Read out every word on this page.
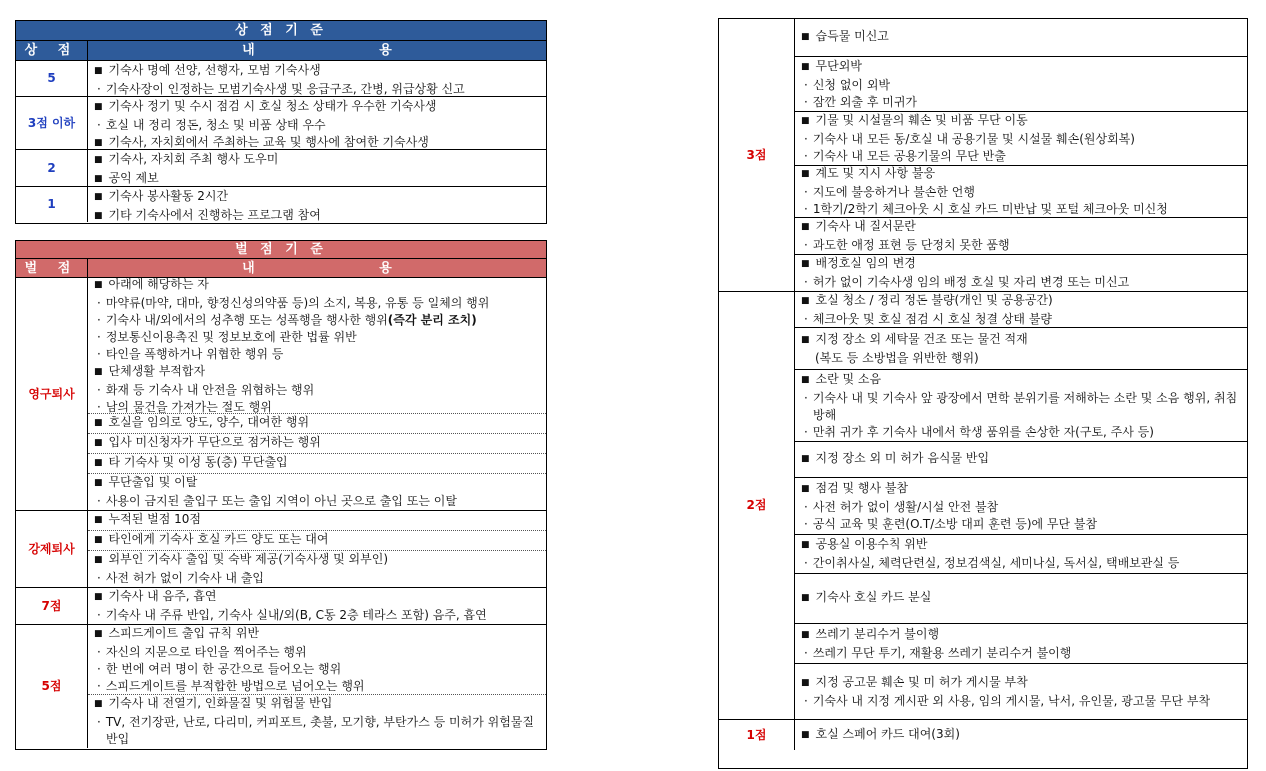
상 점 기 준
상 점	내 용
5
■ 기숙사 명예 선양, 선행자, 모범 기숙사생
· 기숙사장이 인정하는 모범기숙사생 및 응급구조, 간병, 위급상황 신고
3점 이하
■ 기숙사 정기 및 수시 점검 시 호실 청소 상태가 우수한 기숙사생
· 호실 내 정리 정돈, 청소 및 비품 상태 우수
■ 기숙사, 자치회에서 주최하는 교육 및 행사에 참여한 기숙사생
2
■ 기숙사, 자치회 주최 행사 도우미
■ 공익 제보
1
■ 기숙사 봉사활동 2시간
■ 기타 기숙사에서 진행하는 프로그램 참여
벌 점 기 준
벌 점	내 용
영구퇴사
■ 아래에 해당하는 자
· 마약류(마약, 대마, 향정신성의약품 등)의 소지, 복용, 유통 등 일체의 행위
· 기숙사 내/외에서의 성추행 또는 성폭행을 행사한 행위(즉각 분리 조치)
· 정보통신이용촉진 및 정보보호에 관한 법률 위반
· 타인을 폭행하거나 위협한 행위 등
■ 단체생활 부적합자
· 화재 등 기숙사 내 안전을 위협하는 행위
· 남의 물건을 가져가는 절도 행위
■ 호실을 임의로 양도, 양수, 대여한 행위
■ 입사 미신청자가 무단으로 점거하는 행위
■ 타 기숙사 및 이성 동(층) 무단출입
■ 무단출입 및 이탈
· 사용이 금지된 출입구 또는 출입 지역이 아닌 곳으로 출입 또는 이탈
강제퇴사
■ 누적된 벌점 10점
■ 타인에게 기숙사 호실 카드 양도 또는 대여
■ 외부인 기숙사 출입 및 숙박 제공(기숙사생 및 외부인)
· 사전 허가 없이 기숙사 내 출입
7점
■ 기숙사 내 음주, 흡연
· 기숙사 내 주류 반입, 기숙사 실내/외(B, C동 2층 테라스 포함) 음주, 흡연
5점
■ 스피드게이트 출입 규칙 위반
· 자신의 지문으로 타인을 찍어주는 행위
· 한 번에 여러 명이 한 공간으로 들어오는 행위
· 스피드게이트를 부적합한 방법으로 넘어오는 행위
■ 기숙사 내 전열기, 인화물질 및 위험물 반입
· TV, 전기장판, 난로, 다리미, 커피포트, 촛불, 모기향, 부탄가스 등 미허가 위험물질 반입
3점
■ 습득물 미신고
■ 무단외박
· 신청 없이 외박
· 잠깐 외출 후 미귀가
■ 기물 및 시설물의 훼손 및 비품 무단 이동
· 기숙사 내 모든 동/호실 내 공용기물 및 시설물 훼손(원상회복)
· 기숙사 내 모든 공용기물의 무단 반출
■ 계도 및 지시 사항 불응
· 지도에 불응하거나 불손한 언행
· 1학기/2학기 체크아웃 시 호실 카드 미반납 및 포털 체크아웃 미신청
■ 기숙사 내 질서문란
· 과도한 애정 표현 등 단정치 못한 품행
■ 배정호실 임의 변경
· 허가 없이 기숙사생 임의 배정 호실 및 자리 변경 또는 미신고
2점
■ 호실 청소 / 정리 정돈 불량(개인 및 공용공간)
· 체크아웃 및 호실 점검 시 호실 청결 상태 불량
■ 지정 장소 외 세탁물 건조 또는 물건 적재
(복도 등 소방법을 위반한 행위)
■ 소란 및 소음
· 기숙사 내 및 기숙사 앞 광장에서 면학 분위기를 저해하는 소란 및 소음 행위, 취침 방해
· 만취 귀가 후 기숙사 내에서 학생 품위를 손상한 자(구토, 주사 등)
■ 지정 장소 외 미 허가 음식물 반입
■ 점검 및 행사 불참
· 사전 허가 없이 생활/시설 안전 불참
· 공식 교육 및 훈련(O.T/소방 대피 훈련 등)에 무단 불참
■ 공용실 이용수칙 위반
· 간이취사실, 체력단련실, 정보검색실, 세미나실, 독서실, 택배보관실 등
■ 기숙사 호실 카드 분실
■ 쓰레기 분리수거 불이행
· 쓰레기 무단 투기, 재활용 쓰레기 분리수거 불이행
■ 지정 공고문 훼손 및 미 허가 게시물 부착
· 기숙사 내 지정 게시판 외 사용, 임의 게시물, 낙서, 유인물, 광고물 무단 부착
1점
■	호실 스페어 카드 대여(3회)
